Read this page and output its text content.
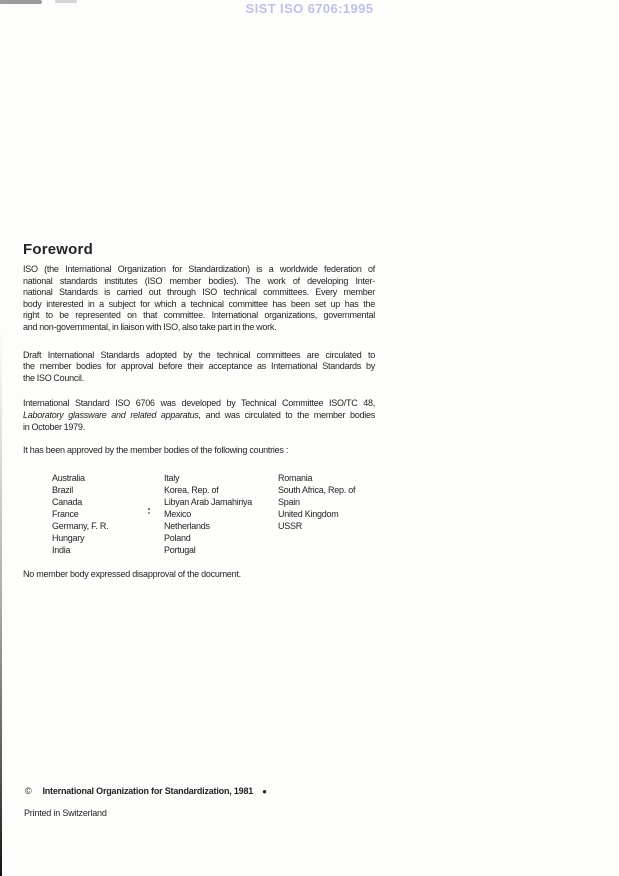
SIST ISO 6706:1995
Foreword
ISO (the International Organization for Standardization) is a worldwide federation of
national standards institutes (ISO member bodies). The work of developing Inter-
national Standards is carried out through ISO technical committees. Every member
body interested in a subject for which a technical committee has been set up has the
right to be represented on that committee. International organizations, governmental
and non-governmental, in liaison with ISO, also take part in the work.
Draft International Standards adopted by the technical committees are circulated to
the member bodies for approval before their acceptance as International Standards by
the ISO Council.
International Standard ISO 6706 was developed by Technical Committee ISO/TC 48,
Laboratory glassware and related apparatus, and was circulated to the member bodies
in October 1979.
It has been approved by the member bodies of the following countries :
Australia
Brazil
Canada
France
Germany, F. R.
Hungary
India
Italy
Korea, Rep. of
Libyan Arab Jamahiriya
Mexico
Netherlands
Poland
Portugal
Romania
South Africa, Rep. of
Spain
United Kingdom
USSR
No member body expressed disapproval of the document.
© International Organization for Standardization, 1981 ●
Printed in Switzerland
